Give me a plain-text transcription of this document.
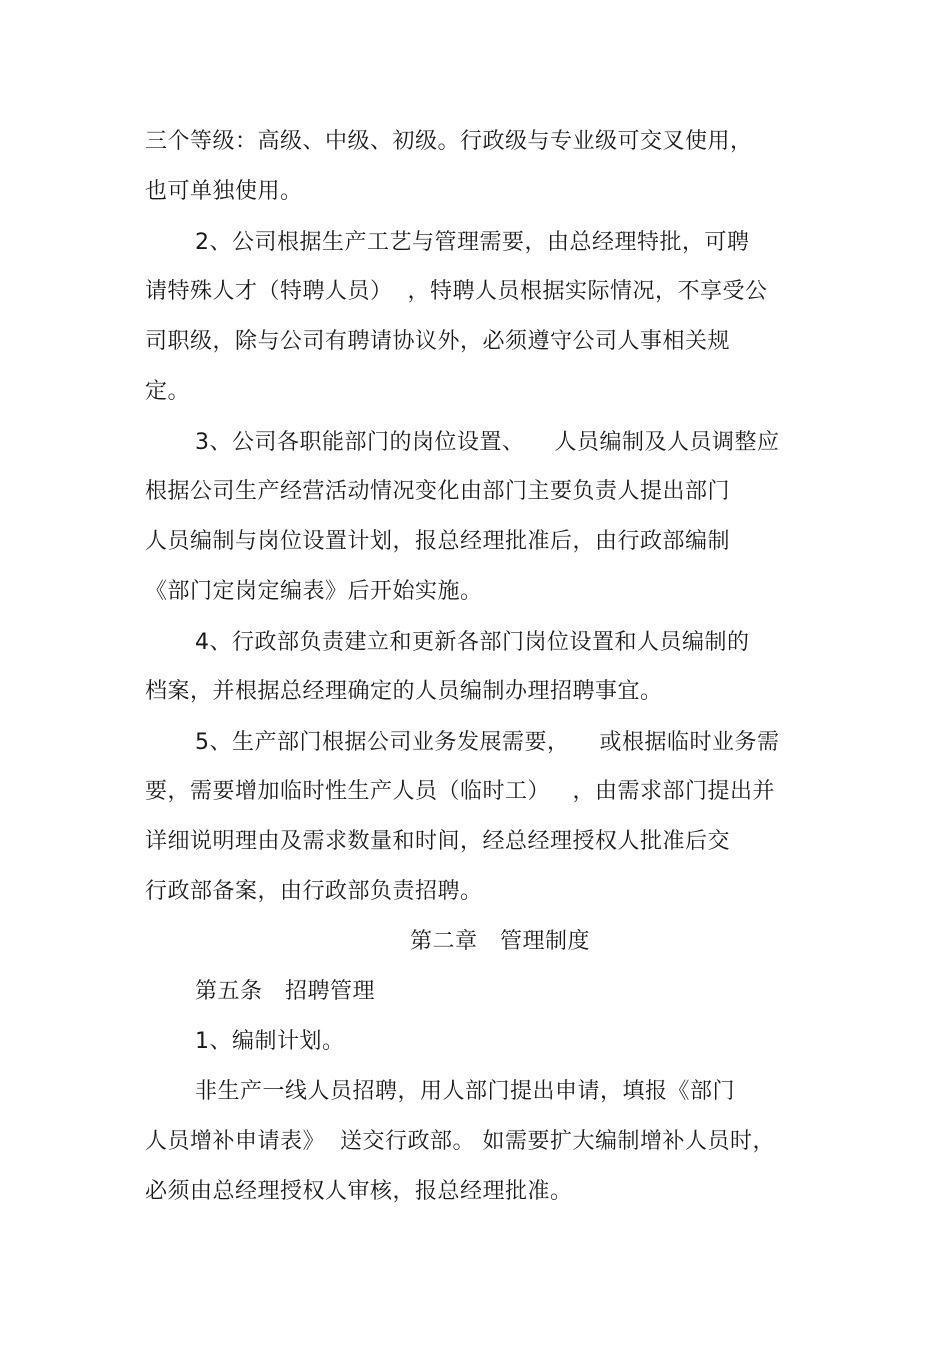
三个等级：高级、中级、初级。行政级与专业级可交叉使用，
也可单独使用。
2、公司根据生产工艺与管理需要，由总经理特批，可聘
请特殊人才（特聘人员）  ，特聘人员根据实际情况，不享受公
司职级，除与公司有聘请协议外，必须遵守公司人事相关规
定。
3、公司各职能部门的岗位设置、    人员编制及人员调整应
根据公司生产经营活动情况变化由部门主要负责人提出部门
人员编制与岗位设置计划，报总经理批准后，由行政部编制
《部门定岗定编表》后开始实施。
4、行政部负责建立和更新各部门岗位设置和人员编制的
档案，并根据总经理确定的人员编制办理招聘事宜。
5、生产部门根据公司业务发展需要，    或根据临时业务需
要，需要增加临时性生产人员（临时工）   ，由需求部门提出并
详细说明理由及需求数量和时间，经总经理授权人批准后交
行政部备案，由行政部负责招聘。
第二章   管理制度
第五条   招聘管理
1、编制计划。
非生产一线人员招聘，用人部门提出申请，填报《部门
人员增补申请表》  送交行政部。 如需要扩大编制增补人员时，
必须由总经理授权人审核，报总经理批准。
